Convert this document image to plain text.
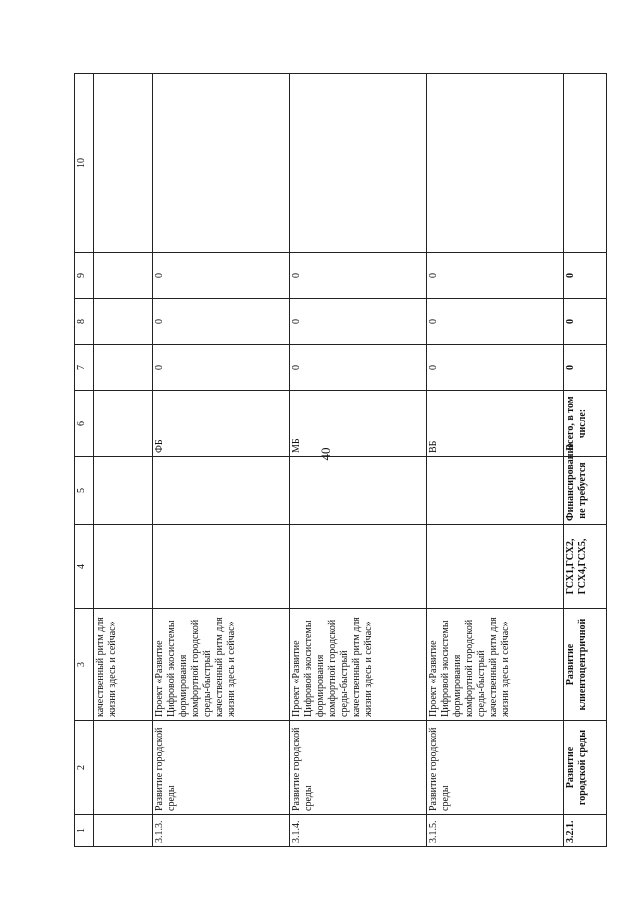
40
1	2	3	4	5	6	7	8	9	10
		качественный ритм для жизни здесь и сейчас»							
3.1.3.	Развитие городской среды	Проект «Развитие Цифровой экосистемы формирования комфортной городской среды-быстрый качественный ритм для жизни здесь и сейчас»			ФБ	0	0	0	
3.1.4.	Развитие городской среды	Проект «Развитие Цифровой экосистемы формирования комфортной городской среды-быстрый качественный ритм для жизни здесь и сейчас»			МБ	0	0	0	
3.1.5.	Развитие городской среды	Проект «Развитие Цифровой экосистемы формирования комфортной городской среды-быстрый качественный ритм для жизни здесь и сейчас»			ВБ	0	0	0	
3.2.1.	Развитие городской среды	Развитие клиентоцентричной	ГСХ1,ГСХ2, ГСХ4,ГСХ5,	Финансирование не требуется	Всего, в том числе:	0	0	0	
